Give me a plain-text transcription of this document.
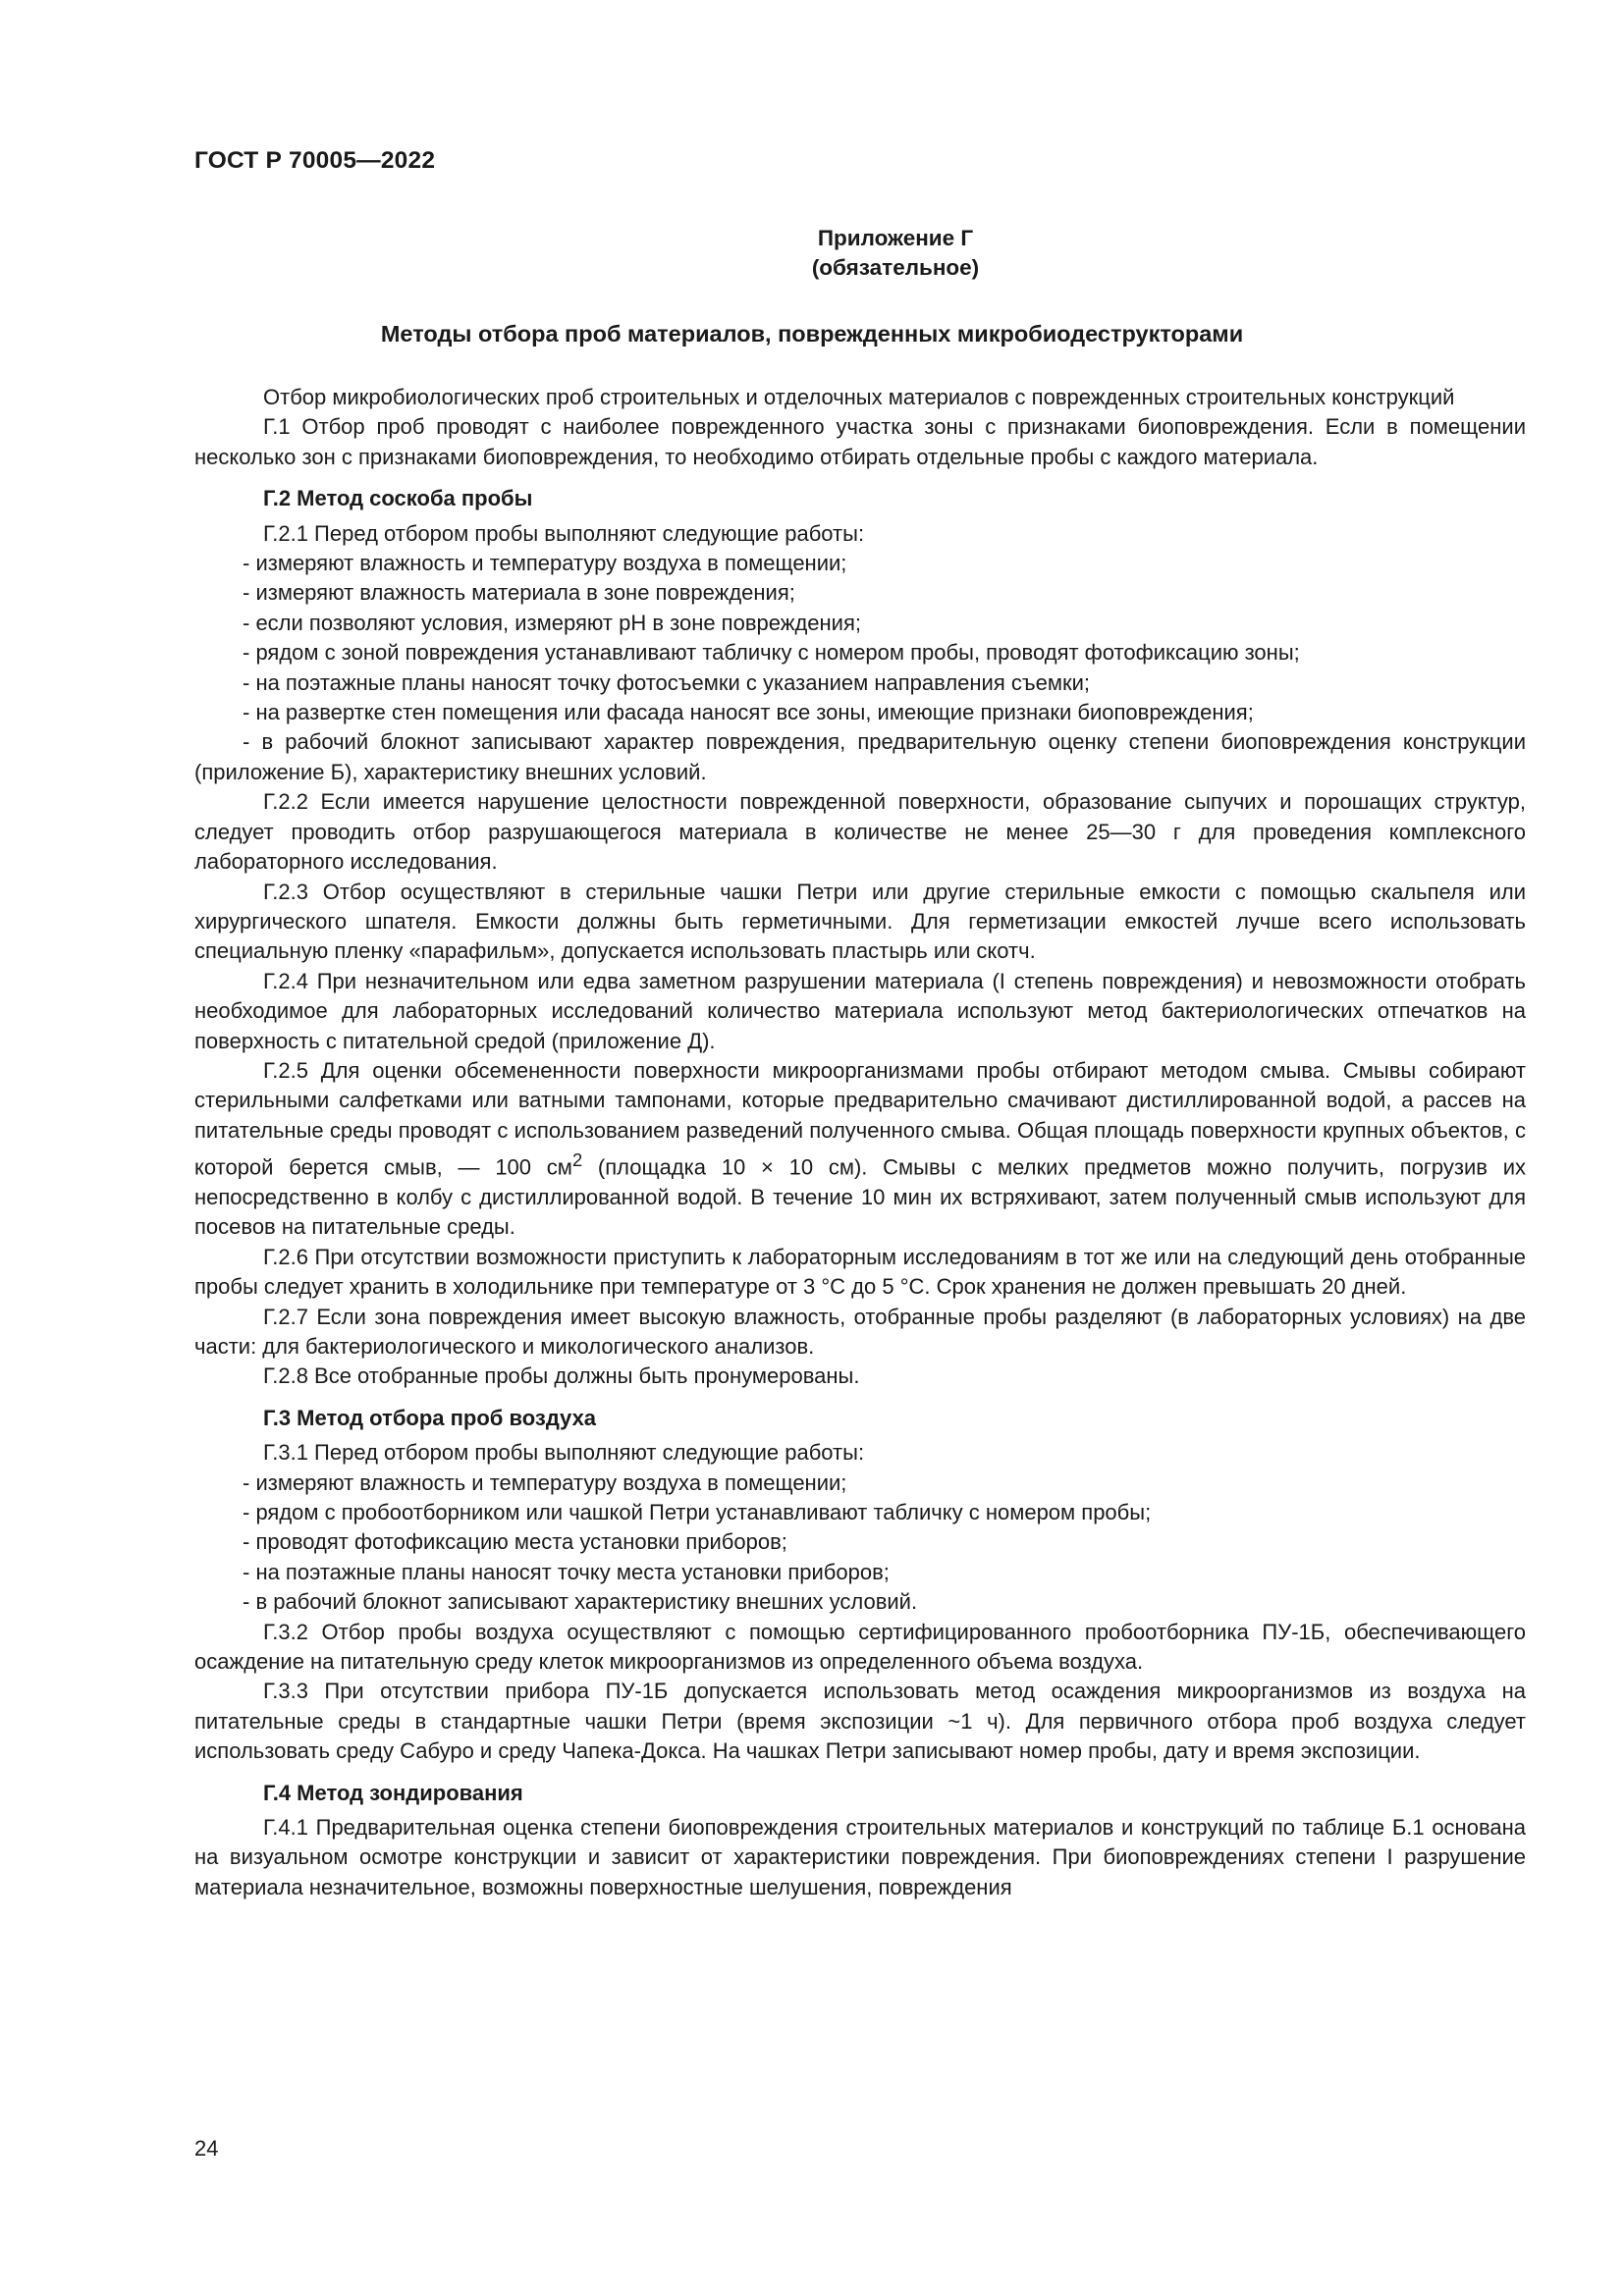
ГОСТ Р 70005—2022
Приложение Г
(обязательное)
Методы отбора проб материалов, поврежденных микробиодеструкторами

Отбор микробиологических проб строительных и отделочных материалов с поврежденных строительных конструкций

Г.1 Отбор проб проводят с наиболее поврежденного участка зоны с признаками биоповреждения. Если в помещении несколько зон с признаками биоповреждения, то необходимо отбирать отдельные пробы с каждого материала.

Г.2 Метод соскоба пробы

Г.2.1 Перед отбором пробы выполняют следующие работы:

- измеряют влажность и температуру воздуха в помещении;
- измеряют влажность материала в зоне повреждения;
- если позволяют условия, измеряют pH в зоне повреждения;
- рядом с зоной повреждения устанавливают табличку с номером пробы, проводят фотофиксацию зоны;
- на поэтажные планы наносят точку фотосъемки с указанием направления съемки;
- на развертке стен помещения или фасада наносят все зоны, имеющие признаки биоповреждения;
- в рабочий блокнот записывают характер повреждения, предварительную оценку степени биоповреждения конструкции (приложение Б), характеристику внешних условий.

Г.2.2 Если имеется нарушение целостности поврежденной поверхности, образование сыпучих и порошащих структур, следует проводить отбор разрушающегося материала в количестве не менее 25—30 г для проведения комплексного лабораторного исследования.

Г.2.3 Отбор осуществляют в стерильные чашки Петри или другие стерильные емкости с помощью скальпеля или хирургического шпателя. Емкости должны быть герметичными. Для герметизации емкостей лучше всего использовать специальную пленку «парафильм», допускается использовать пластырь или скотч.

Г.2.4 При незначительном или едва заметном разрушении материала (I степень повреждения) и невозможности отобрать необходимое для лабораторных исследований количество материала используют метод бактериологических отпечатков на поверхность с питательной средой (приложение Д).

Г.2.5 Для оценки обсемененности поверхности микроорганизмами пробы отбирают методом смыва. Смывы собирают стерильными салфетками или ватными тампонами, которые предварительно смачивают дистиллированной водой, а рассев на питательные среды проводят с использованием разведений полученного смыва. Общая площадь поверхности крупных объектов, с которой берется смыв, — 100 $см^2$ (площадка 10 × 10 см). Смывы с мелких предметов можно получить, погрузив их непосредственно в колбу с дистиллированной водой. В течение 10 мин их встряхивают, затем полученный смыв используют для посевов на питательные среды.

Г.2.6 При отсутствии возможности приступить к лабораторным исследованиям в тот же или на следующий день отобранные пробы следует хранить в холодильнике при температуре от 3 °С до 5 °С. Срок хранения не должен превышать 20 дней.

Г.2.7 Если зона повреждения имеет высокую влажность, отобранные пробы разделяют (в лабораторных условиях) на две части: для бактериологического и микологического анализов.

Г.2.8 Все отобранные пробы должны быть пронумерованы.

Г.3 Метод отбора проб воздуха

Г.3.1 Перед отбором пробы выполняют следующие работы:

- измеряют влажность и температуру воздуха в помещении;
- рядом с пробоотборником или чашкой Петри устанавливают табличку с номером пробы;
- проводят фотофиксацию места установки приборов;
- на поэтажные планы наносят точку места установки приборов;
- в рабочий блокнот записывают характеристику внешних условий.

Г.3.2 Отбор пробы воздуха осуществляют с помощью сертифицированного пробоотборника ПУ-1Б, обеспечивающего осаждение на питательную среду клеток микроорганизмов из определенного объема воздуха.

Г.3.3 При отсутствии прибора ПУ-1Б допускается использовать метод осаждения микроорганизмов из воздуха на питательные среды в стандартные чашки Петри (время экспозиции ~1 ч). Для первичного отбора проб воздуха следует использовать среду Сабуро и среду Чапека-Докса. На чашках Петри записывают номер пробы, дату и время экспозиции.

Г.4 Метод зондирования

Г.4.1 Предварительная оценка степени биоповреждения строительных материалов и конструкций по таблице Б.1 основана на визуальном осмотре конструкции и зависит от характеристики повреждения. При биоповреждениях степени I разрушение материала незначительное, возможны поверхностные шелушения, повреждения

24
